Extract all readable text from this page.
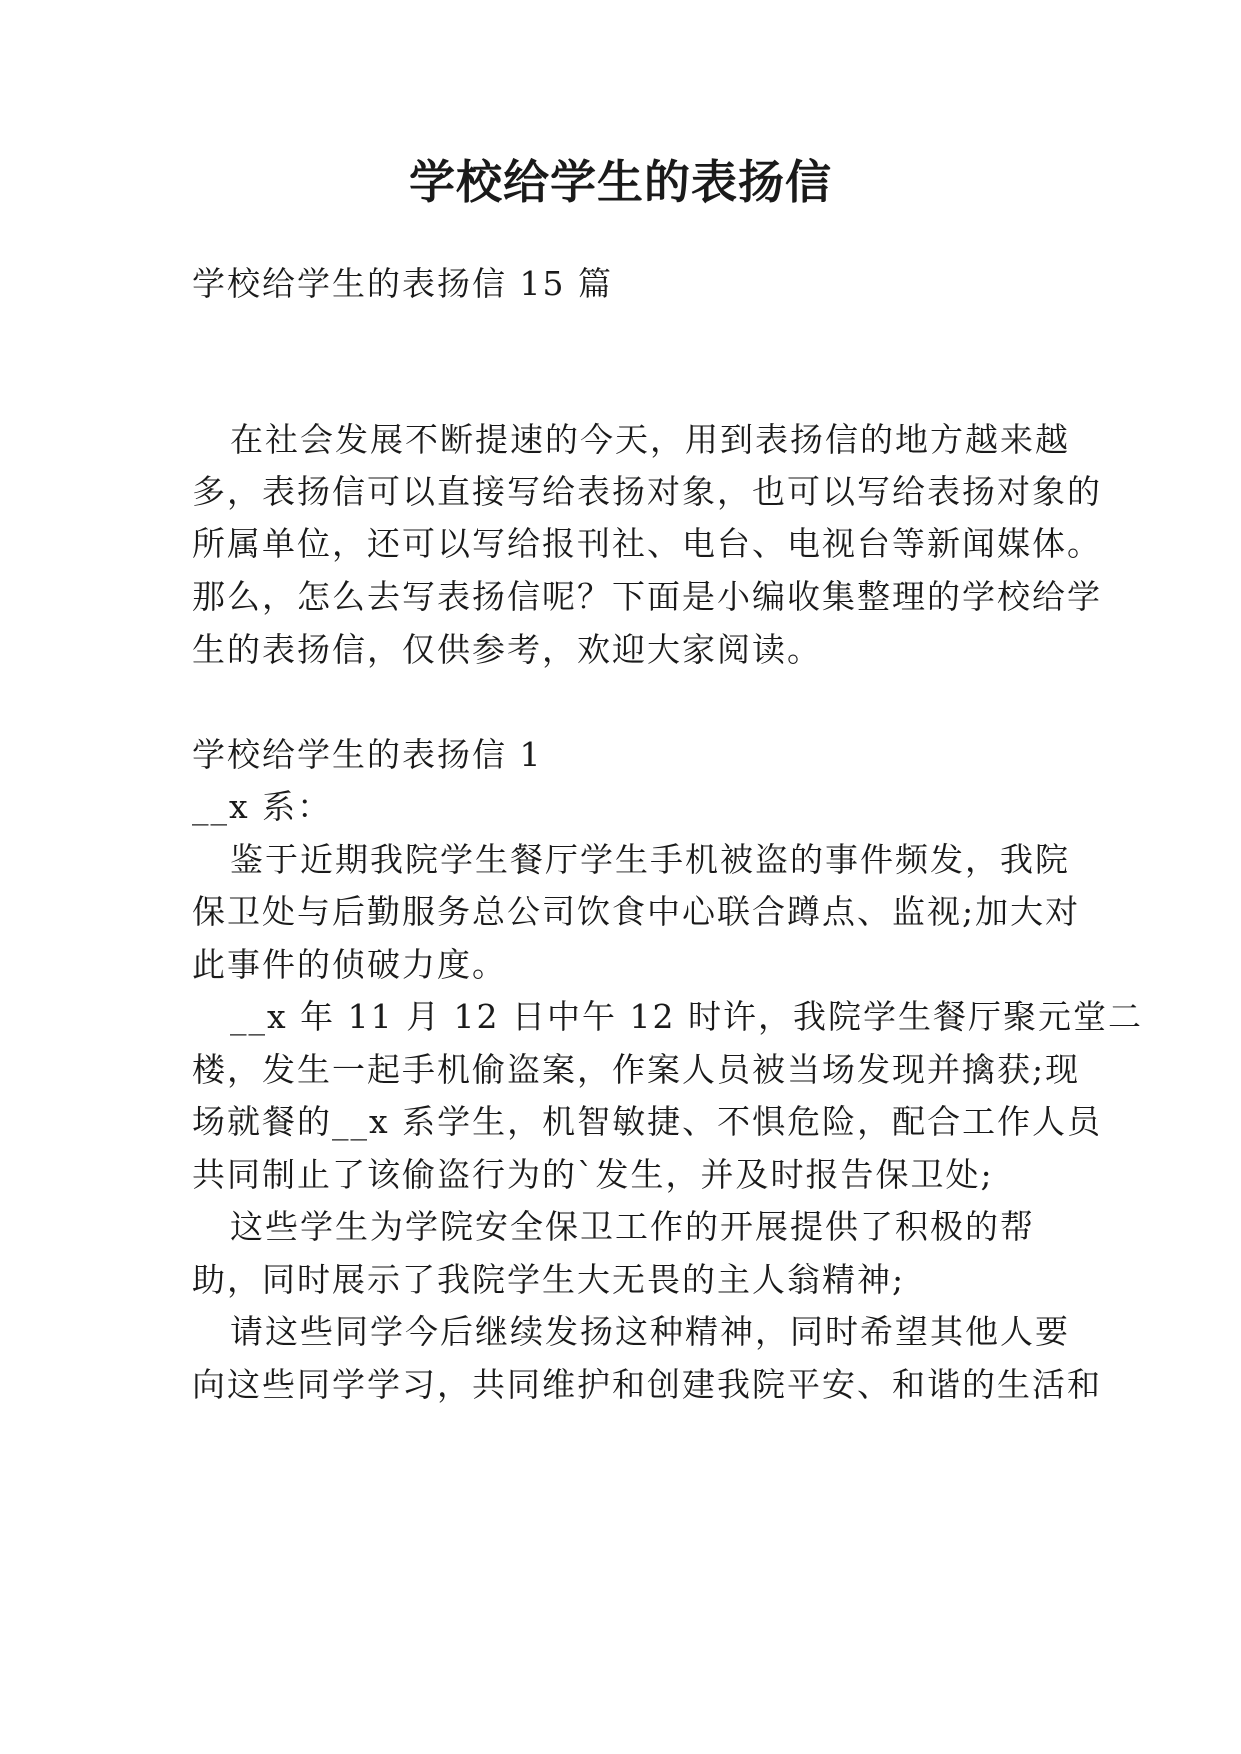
学校给学生的表扬信
学校给学生的表扬信 15 篇
在社会发展不断提速的今天，用到表扬信的地方越来越
多，表扬信可以直接写给表扬对象，也可以写给表扬对象的
所属单位，还可以写给报刊社、电台、电视台等新闻媒体。
那么，怎么去写表扬信呢？下面是小编收集整理的学校给学
生的表扬信，仅供参考，欢迎大家阅读。
学校给学生的表扬信 1
__x 系：
鉴于近期我院学生餐厅学生手机被盗的事件频发，我院
保卫处与后勤服务总公司饮食中心联合蹲点、监视;加大对
此事件的侦破力度。
__x 年 11 月 12 日中午 12 时许，我院学生餐厅聚元堂二
楼，发生一起手机偷盗案，作案人员被当场发现并擒获;现
场就餐的__x 系学生，机智敏捷、不惧危险，配合工作人员
共同制止了该偷盗行为的`发生，并及时报告保卫处;
这些学生为学院安全保卫工作的开展提供了积极的帮
助，同时展示了我院学生大无畏的主人翁精神;
请这些同学今后继续发扬这种精神，同时希望其他人要
向这些同学学习，共同维护和创建我院平安、和谐的生活和
